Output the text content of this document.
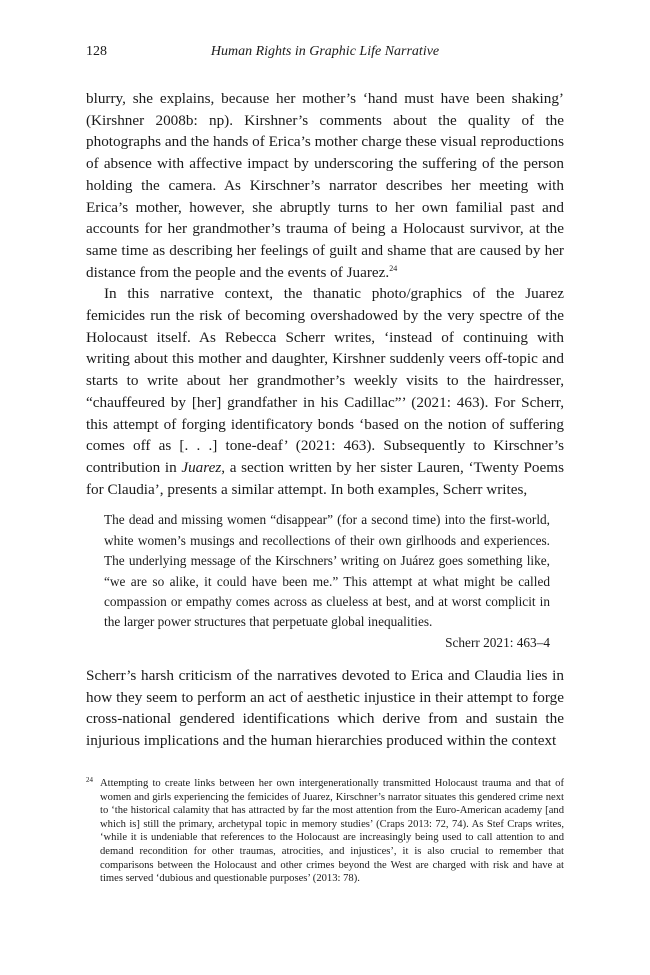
128	Human Rights in Graphic Life Narrative

blurry, she explains, because her mother’s ‘hand must have been shaking’ (Kirshner 2008b: np). Kirshner’s comments about the quality of the photographs and the hands of Erica’s mother charge these visual reproductions of absence with affective impact by underscoring the suffering of the person holding the camera. As Kirschner’s narrator describes her meeting with Erica’s mother, however, she abruptly turns to her own familial past and accounts for her grandmother’s trauma of being a Holocaust survivor, at the same time as describing her feelings of guilt and shame that are caused by her distance from the people and the events of Juarez.$^{24}$

In this narrative context, the thanatic photo/graphics of the Juarez femicides run the risk of becoming overshadowed by the very spectre of the Holocaust itself. As Rebecca Scherr writes, ‘instead of continuing with writing about this mother and daughter, Kirshner suddenly veers off-topic and starts to write about her grandmother’s weekly visits to the hairdresser, “chauffeured by [her] grandfather in his Cadillac”’ (2021: 463). For Scherr, this attempt of forging identificatory bonds ‘based on the notion of suffering comes off as [. . .] tone-deaf’ (2021: 463). Subsequently to Kirschner’s contribution in Juarez, a section written by her sister Lauren, ‘Twenty Poems for Claudia’, presents a similar attempt. In both examples, Scherr writes,

The dead and missing women “disappear” (for a second time) into the first-world, white women’s musings and recollections of their own girlhoods and experiences. The underlying message of the Kirschners’ writing on Juárez goes something like, “we are so alike, it could have been me.” This attempt at what might be called compassion or empathy comes across as clueless at best, and at worst complicit in the larger power structures that perpetuate global inequalities.
Scherr 2021: 463–4

Scherr’s harsh criticism of the narratives devoted to Erica and Claudia lies in how they seem to perform an act of aesthetic injustice in their attempt to forge cross-national gendered identifications which derive from and sustain the injurious implications and the human hierarchies produced within the context

24 Attempting to create links between her own intergenerationally transmitted Holocaust trauma and that of women and girls experiencing the femicides of Juarez, Kirschner’s narrator situates this gendered crime next to ‘the historical calamity that has attracted by far the most attention from the Euro-American academy [and which is] still the primary, archetypal topic in memory studies’ (Craps 2013: 72, 74). As Stef Craps writes, ‘while it is undeniable that references to the Holocaust are increasingly being used to call attention to and demand recondition for other traumas, atrocities, and injustices’, it is also crucial to remember that comparisons between the Holocaust and other crimes beyond the West are charged with risk and have at times served ‘dubious and questionable purposes’ (2013: 78).
